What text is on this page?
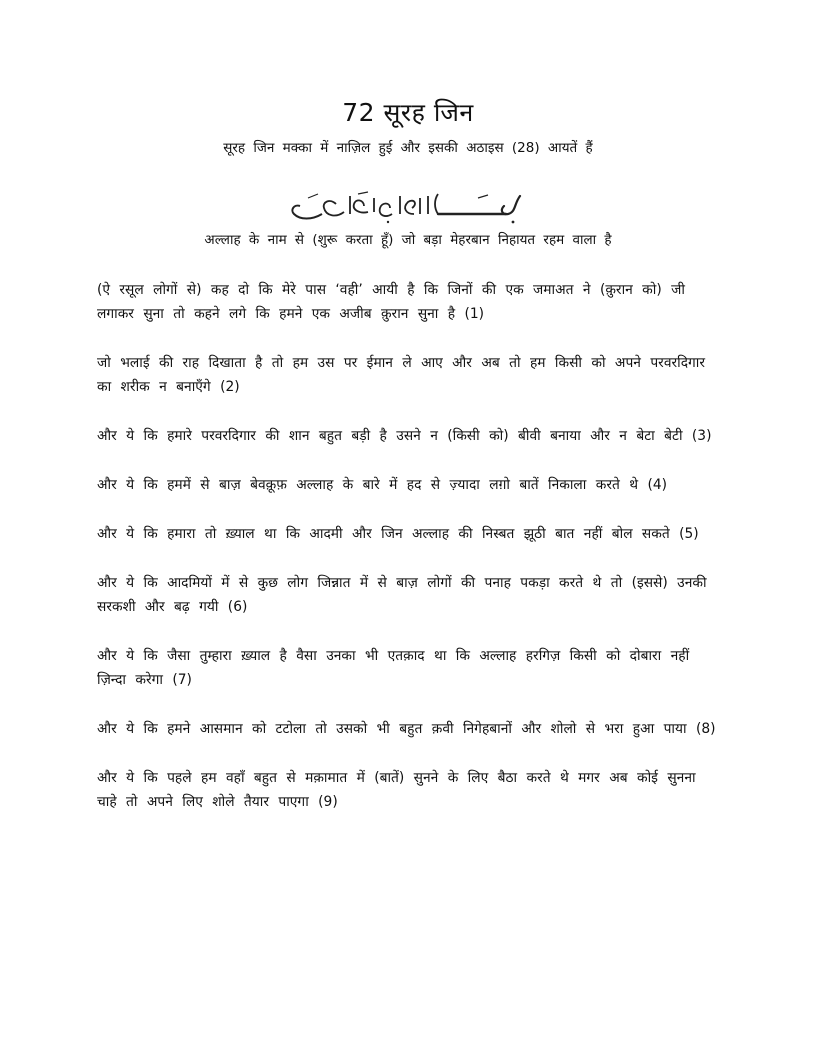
72 सूरह जिन
सूरह जिन मक्का में नाज़िल हुई और इसकी अठाइस (28) आयतें हैं
अल्लाह के नाम से (शुरू करता हूँ) जो बड़ा मेहरबान निहायत रहम वाला है

(ऐ रसूल लोगों से) कह दो कि मेरे पास ‘वही’ आयी है कि जिनों की एक जमाअत ने (क़ुरान को) जी लगाकर सुना तो कहने लगे कि हमने एक अजीब क़ुरान सुना है (1)

जो भलाई की राह दिखाता है तो हम उस पर ईमान ले आए और अब तो हम किसी को अपने परवरदिगार का शरीक न बनाएँगे (2)

और ये कि हमारे परवरदिगार की शान बहुत बड़ी है उसने न (किसी को) बीवी बनाया और न बेटा बेटी (3)

और ये कि हममें से बाज़ बेवक़ूफ़ अल्लाह के बारे में हद से ज़्यादा लग़ो बातें निकाला करते थे (4)

और ये कि हमारा तो ख़्याल था कि आदमी और जिन अल्लाह की निस्बत झूठी बात नहीं बोल सकते (5)

और ये कि आदमियों में से कुछ लोग जिन्नात में से बाज़ लोगों की पनाह पकड़ा करते थे तो (इससे) उनकी सरकशी और बढ़ गयी (6)

और ये कि जैसा तुम्हारा ख़्याल है वैसा उनका भी एतक़ाद था कि अल्लाह हरगिज़ किसी को दोबारा नहीं ज़िन्दा करेगा (7)

और ये कि हमने आसमान को टटोला तो उसको भी बहुत क़वी निगेहबानों और शोलो से भरा हुआ पाया (8)

और ये कि पहले हम वहाँ बहुत से मक़ामात में (बातें) सुनने के लिए बैठा करते थे मगर अब कोई सुनना चाहे तो अपने लिए शोले तैयार पाएगा (9)
